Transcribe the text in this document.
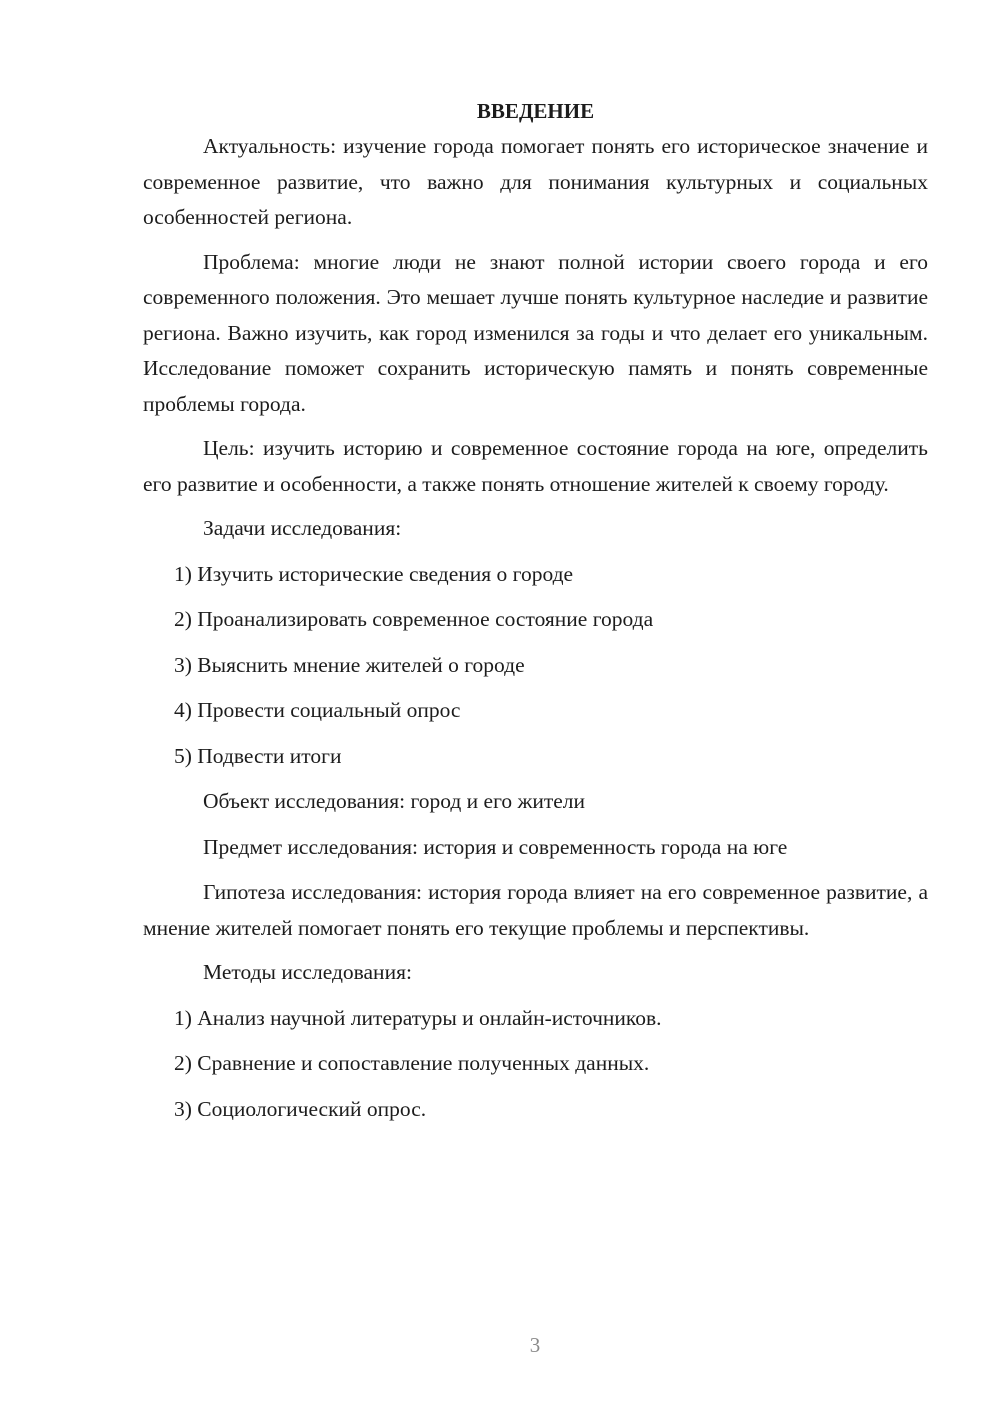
ВВЕДЕНИЕ

Актуальность: изучение города помогает понять его историческое значение и современное развитие, что важно для понимания культурных и социальных особенностей региона.

Проблема: многие люди не знают полной истории своего города и его современного положения. Это мешает лучше понять культурное наследие и развитие региона. Важно изучить, как город изменился за годы и что делает его уникальным. Исследование поможет сохранить историческую память и понять современные проблемы города.

Цель: изучить историю и современное состояние города на юге, определить его развитие и особенности, а также понять отношение жителей к своему городу.

Задачи исследования:
1) Изучить исторические сведения о городе
2) Проанализировать современное состояние города
3) Выяснить мнение жителей о городе
4) Провести социальный опрос
5) Подвести итоги
Объект исследования: город и его жители
Предмет исследования: история и современность города на юге

Гипотеза исследования: история города влияет на его современное развитие, а мнение жителей помогает понять его текущие проблемы и перспективы.

Методы исследования:
1) Анализ научной литературы и онлайн-источников.
2) Сравнение и сопоставление полученных данных.
3) Социологический опрос.
3
